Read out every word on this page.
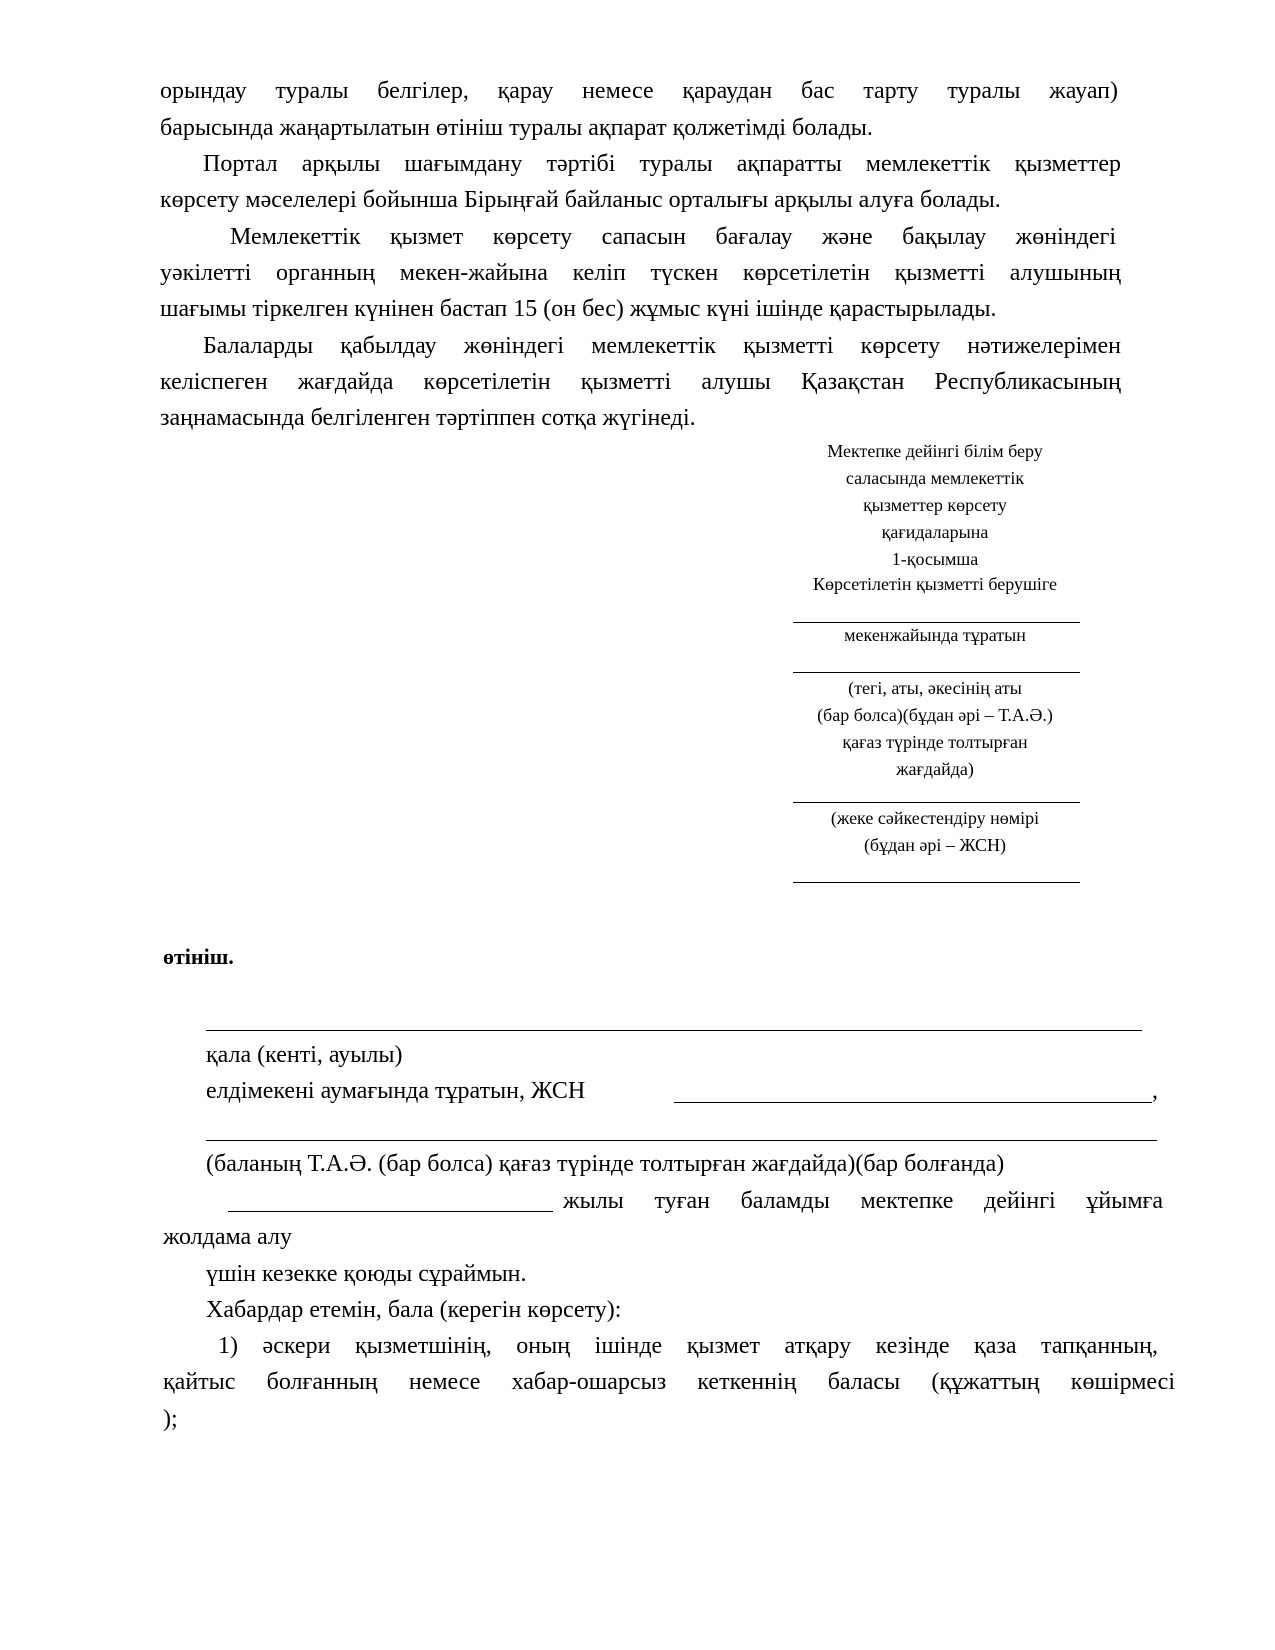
орындау туралы белгілер, қарау немесе қараудан бас тарту туралы жауап)
барысында жаңартылатын өтініш туралы ақпарат қолжетімді болады.
Портал арқылы шағымдану тәртібі туралы ақпаратты мемлекеттік қызметтер
көрсету мәселелері бойынша Бірыңғай байланыс орталығы арқылы алуға болады.
Мемлекеттік қызмет көрсету сапасын бағалау және бақылау жөніндегі
уәкілетті органның мекен-жайына келіп түскен көрсетілетін қызметті алушының
шағымы тіркелген күнінен бастап 15 (он бес) жұмыс күні ішінде қарастырылады.
Балаларды қабылдау жөніндегі мемлекеттік қызметті көрсету нәтижелерімен
келіспеген жағдайда көрсетілетін қызметті алушы Қазақстан Республикасының
заңнамасында белгіленген тәртіппен сотқа жүгінеді.
Мектепке дейінгі білім беру
саласында мемлекеттік
қызметтер көрсету
қағидаларына
1-қосымша
Көрсетілетін қызметті берушіге
мекенжайында тұратын
(тегі, аты, әкесінің аты
(бар болса)(бұдан әрі – Т.А.Ә.)
қағаз түрінде толтырған
жағдайда)
(жеке сәйкестендіру нөмірі
(бұдан әрі – ЖСН)
өтініш.
қала (кенті, ауылы)
елдімекені аумағында тұратын, ЖСН	,
(баланың Т.А.Ә. (бар болса) қағаз түрінде толтырған жағдайда)(бар болғанда)
жылы туған баламды мектепке дейінгі ұйымға
жолдама алу
үшін кезекке қоюды сұраймын.
Хабардар етемін, бала (керегін көрсету):
1) әскери қызметшінің, оның ішінде қызмет атқару кезінде қаза тапқанның,
қайтыс болғанның немесе хабар-ошарсыз кеткеннің баласы (құжаттың көшірмесі
);
